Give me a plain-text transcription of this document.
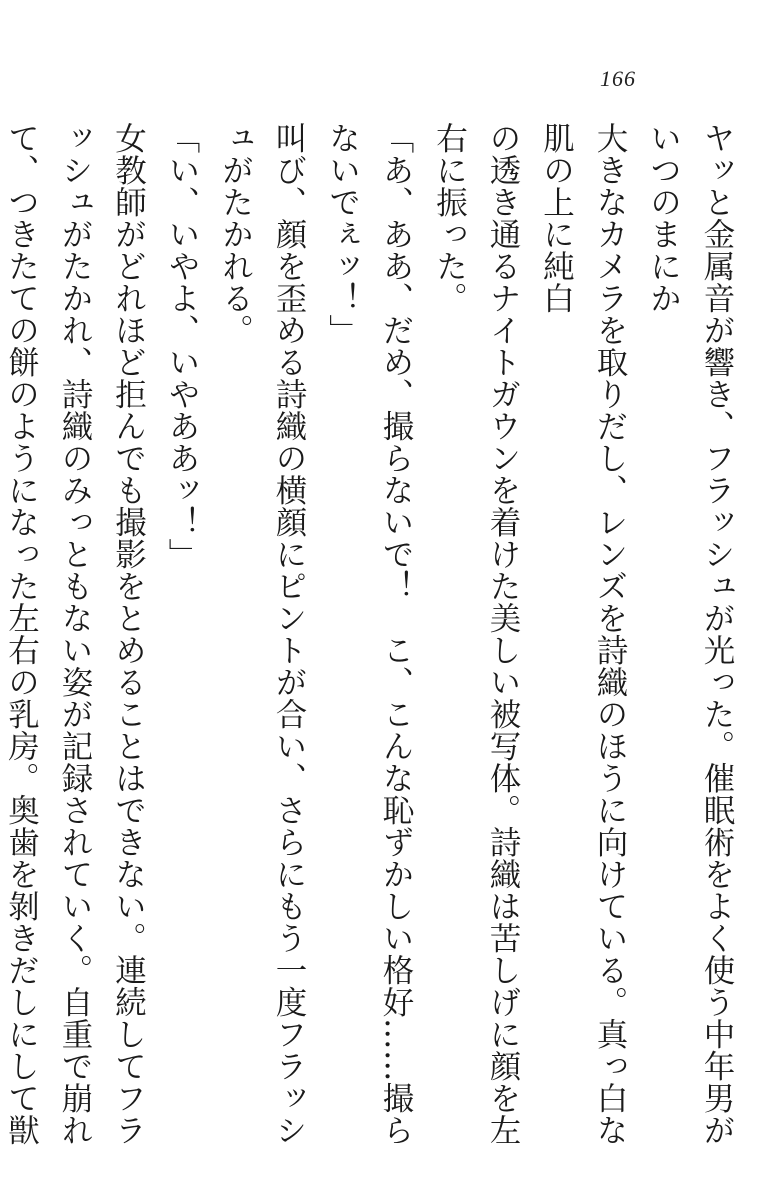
166

ヤッと金属音が響き、フラッシュが光った。催眠術をよく使う中年男がいつのまにか

大きなカメラを取りだし、レンズを詩織のほうに向けている。真っ白な肌の上に純白

の透き通るナイトガウンを着けた美しい被写体。詩織は苦しげに顔を左右に振った。

「あ、ああ、だめ、撮らないで！　こ、こんな恥ずかしい格好……撮らないでぇッ！」

叫び、顔を歪める詩織の横顔にピントが合い、さらにもう一度フラッシュがたかれる。

「い、いやよ、いやああッ！」

女教師がどれほど拒んでも撮影をとめることはできない。連続してフラッシュがたかれ、詩織のみっともない姿が記録されていく。自重で崩れて、つきたての餅のようになった左右の乳房。奥歯を剝きだしにして獣
